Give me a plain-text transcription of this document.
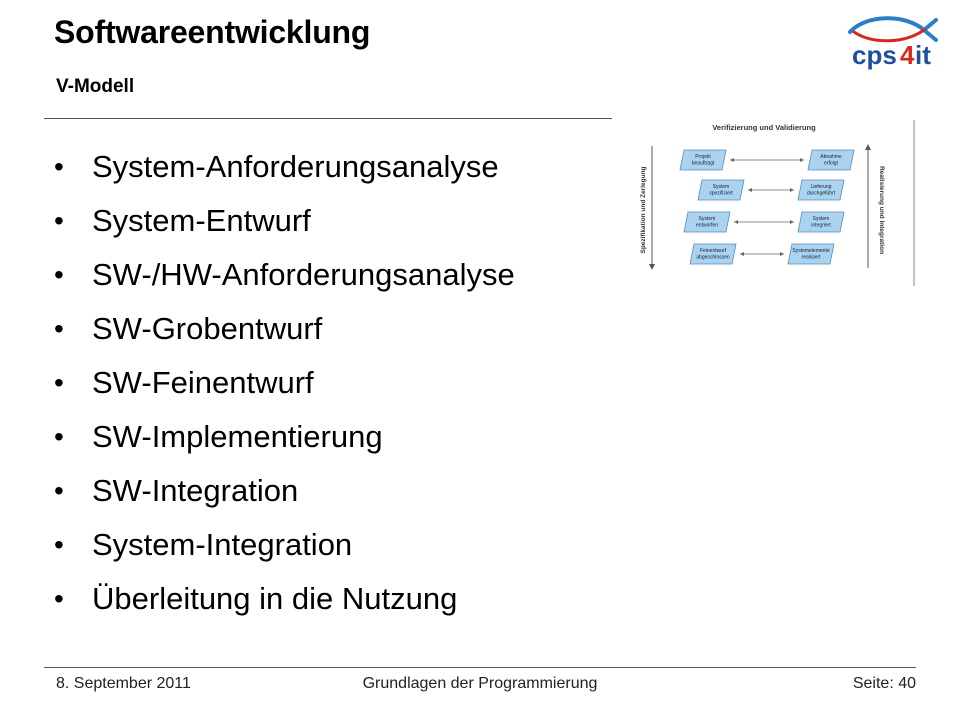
Softwareentwicklung
V-Modell
cps 4 it
• System-Anforderungsanalyse
• System-Entwurf
• SW-/HW-Anforderungsanalyse
• SW-Grobentwurf
• SW-Feinentwurf
• SW-Implementierung
• SW-Integration
• System-Integration
• Überleitung in die Nutzung
Verifizierung und Validierung
Spezifikation und Zerlegung	Realisierung und Integration
Projekt
beauftragt
Abnahme
erfolgt
System
spezifiziert
Lieferung
durchgeführt
System
entworfen
System
integriert
Feinentwurf
abgeschlossen
Systemelemente
realisiert
8. September 2011	Grundlagen der Programmierung	Seite: 40
